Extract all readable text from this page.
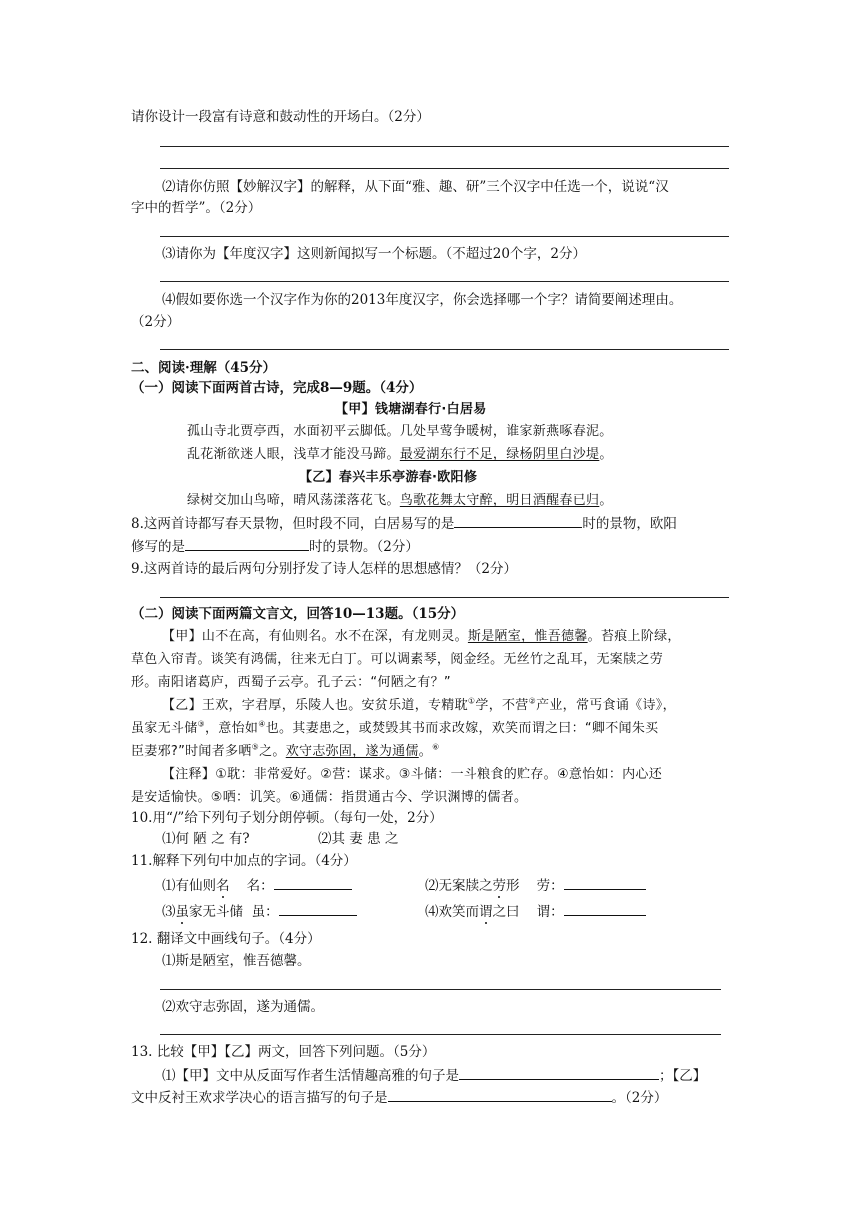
请你设计一段富有诗意和鼓动性的开场白。（2分）
⑵请你仿照【妙解汉字】的解释，从下面“雅、趣、研”三个汉字中任选一个，说说“汉
字中的哲学”。（2分）
⑶请你为【年度汉字】这则新闻拟写一个标题。（不超过20个字，2分）
⑷假如要你选一个汉字作为你的2013年度汉字，你会选择哪一个字？请简要阐述理由。
（2分）
二、阅读·理解（45分）
（一）阅读下面两首古诗，完成8—9题。（4分）
【甲】钱塘湖春行·白居易
孤山寺北贾亭西，水面初平云脚低。几处早莺争暖树，谁家新燕啄春泥。
乱花渐欲迷人眼，浅草才能没马蹄。最爱湖东行不足，绿杨阴里白沙堤。
【乙】春兴丰乐亭游春·欧阳修
绿树交加山鸟啼，晴风荡漾落花飞。鸟歌花舞太守醉，明日酒醒春已归。
8.这两首诗都写春天景物，但时段不同，白居易写的是	时的景物，欧阳
修写的是	时的景物。（2分）
9.这两首诗的最后两句分别抒发了诗人怎样的思想感情？（2分）
（二）阅读下面两篇文言文，回答10—13题。（15分）
【甲】山不在高，有仙则名。水不在深，有龙则灵。斯是陋室，惟吾德馨。苔痕上阶绿，
草色入帘青。谈笑有鸿儒，往来无白丁。可以调素琴，阅金经。无丝竹之乱耳，无案牍之劳
形。南阳诸葛庐，西蜀子云亭。孔子云：“何陋之有？”
【乙】王欢，字君厚，乐陵人也。安贫乐道，专精耽①学，不营②产业，常丐食诵《诗》，
虽家无斗储③，意怡如④也。其妻患之，或焚毁其书而求改嫁，欢笑而谓之曰：“卿不闻朱买
臣妻邪?”时闻者多哂⑤之。欢守志弥固，遂为通儒。⑥
【注释】①耽：非常爱好。②营：谋求。③斗储：一斗粮食的贮存。④意怡如：内心还
是安适愉快。⑤哂：讥笑。⑥通儒：指贯通古今、学识渊博的儒者。
10.用“/”给下列句子划分朗停顿。（每句一处，2分）
⑴何 陋 之 有?	⑵其 妻 患 之
11.解释下列句中加点的字词。（4分）
⑴有仙则名    名：	⑵无案牍之劳形    劳：
⑶虽家无斗储  虽：	⑷欢笑而谓之曰    谓：
12. 翻译文中画线句子。（4分）
⑴斯是陋室，惟吾德馨。
⑵欢守志弥固，遂为通儒。
13. 比较【甲】【乙】两文，回答下列问题。（5分）
⑴【甲】文中从反面写作者生活情趣高雅的句子是	；【乙】
文中反衬王欢求学决心的语言描写的句子是	。（2分）
